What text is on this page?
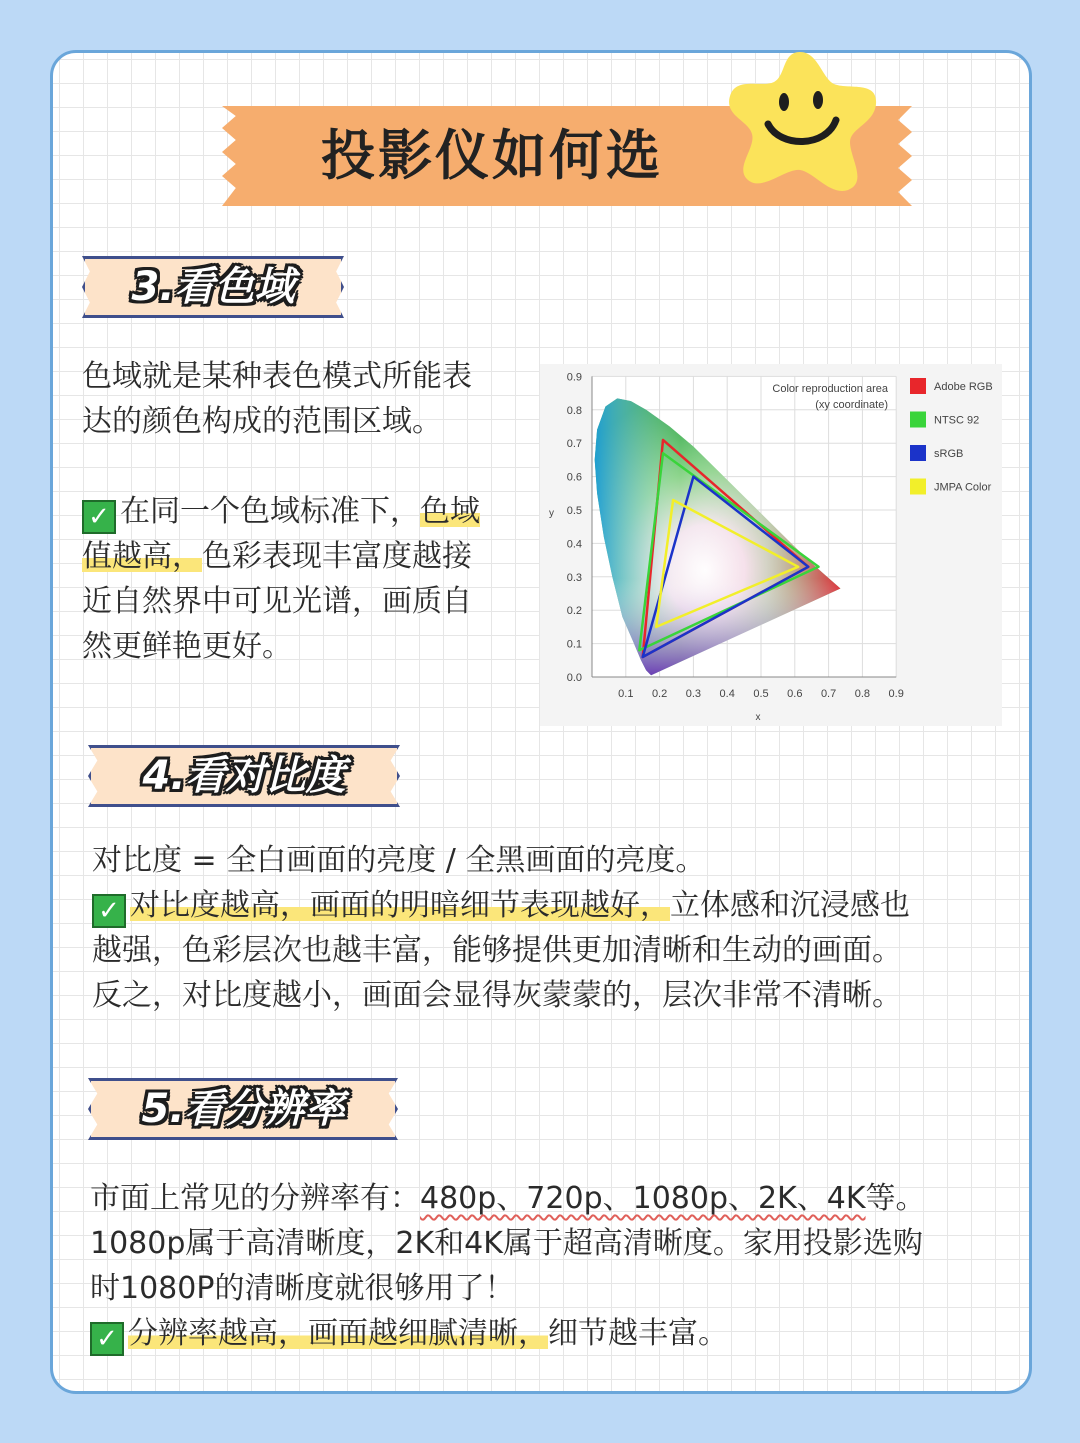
投影仪如何选
3.看色域
色域就是某种表色模式所能表
达的颜色构成的范围区域。
✓ 在同一个色域标准下，色域
值越高，色彩表现丰富度越接
近自然界中可见光谱，画质自
然更鲜艳更好。
0.1 0.2 0.3 0.4 0.5 0.6 0.7 0.8 0.9
0.0
0.1
0.2
0.3
0.4
0.5
0.6
0.7
0.8
0.9
Color reproduction area
(xy coordinate)
y
x
Adobe RGB
NTSC 92
sRGB
JMPA Color
4.看对比度
对比度 = 全白画面的亮度 / 全黑画面的亮度。
✓ 对比度越高，画面的明暗细节表现越好，立体感和沉浸感也
越强，色彩层次也越丰富，能够提供更加清晰和生动的画面。
反之，对比度越小，画面会显得灰蒙蒙的，层次非常不清晰。
5.看分辨率
市面上常见的分辨率有：480p、720p、1080p、2K、4K等。
1080p属于高清晰度，2K和4K属于超高清晰度。家用投影选购
时1080P的清晰度就很够用了！
✓ 分辨率越高，画面越细腻清晰，细节越丰富。
